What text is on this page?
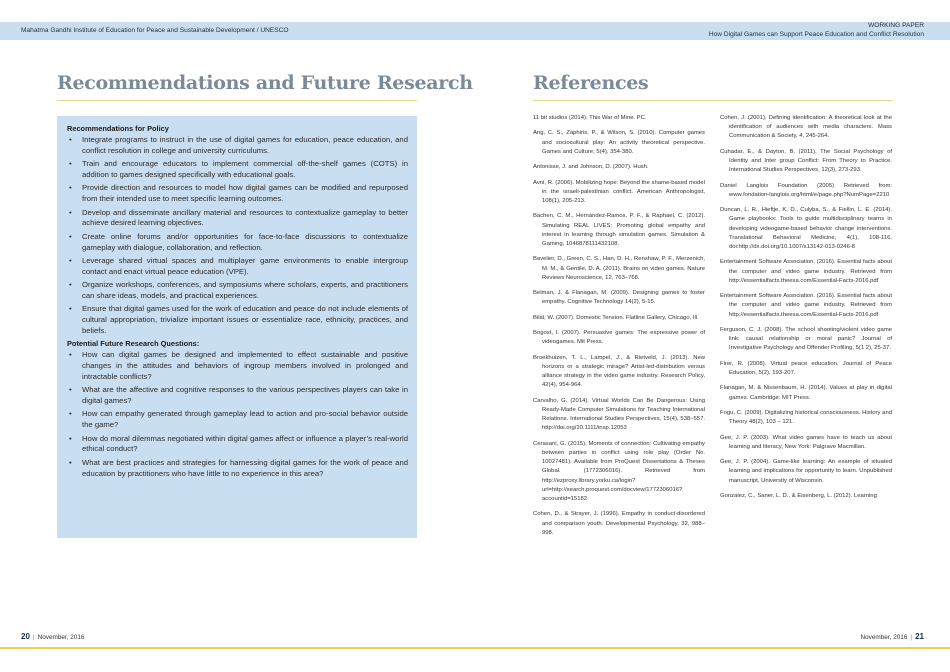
Mahatma Gandhi Institute of Education for Peace and Sustainable Development / UNESCO
WORKING PAPER
How Digital Games can Support Peace Education and Conflict Resolution
Recommendations and Future Research
Recommendations for Policy
• Integrate programs to instruct in the use of digital games for education, peace education, and conflict resolution in college and university curriculums.
• Train and encourage educators to implement commercial off-the-shelf games (COTS) in addition to games designed specifically with educational goals.
• Provide direction and resources to model how digital games can be modified and repurposed from their intended use to meet specific learning outcomes.
• Develop and disseminate ancillary material and resources to contextualize gameplay to better achieve desired learning objectives.
• Create online forums and/or opportunities for face-to-face discussions to contextualize gameplay with dialogue, collaboration, and reflection.
• Leverage shared virtual spaces and multiplayer game environments to enable intergroup contact and enact virtual peace education (VPE).
• Organize workshops, conferences, and symposiums where scholars, experts, and practitioners can share ideas, models, and practical experiences.
• Ensure that digital games used for the work of education and peace do not include elements of cultural appropriation, trivialize important issues or essentialize race, ethnicity, practices, and beliefs.
Potential Future Research Questions:
• How can digital games be designed and implemented to effect sustainable and positive changes in the attitudes and behaviors of ingroup members involved in prolonged and intractable conflicts?
• What are the affective and cognitive responses to the various perspectives players can take in digital games?
• How can empathy generated through gameplay lead to action and pro-social behavior outside the game?
• How do moral dilemmas negotiated within digital games affect or influence a player’s real-world ethical conduct?
• What are best practices and strategies for harnessing digital games for the work of peace and education by practitioners who have little to no experience in this area?
References
11 bit studios (2014). This War of Mine. PC.
Ang, C. S., Zaphiris, P., & Wilson, S. (2010). Computer games and sociocultural play: An activity theoretical perspective. Games and Culture, 5(4), 354-380.
Antonisse, J. and Johnson, D. (2007). Hush.
Avni, R. (2006). Mobilizing hope: Beyond the shame-based model in the israeli-palestinian conflict. American Anthropologist, 108(1), 205-213.
Bachen, C. M., Hernández-Ramos, P. F., & Raphael, C. (2012). Simulating REAL LIVES: Promoting global empathy and interest in learning through simulation games. Simulation & Gaming, 1046878111432108.
Bavelier, D., Green, C. S., Han, D. H., Renshaw, P. F., Merzenich, M. M., & Gentile, D. A. (2011). Brains on video games. Nature Reviews Neuroscience, 12, 763–768.
Belman, J. & Flanagan, M. (2009). Designing games to foster empathy. Cognitive Technology 14(2), 5-15.
Bilal, W. (2007). Domestic Tension. Flatline Gallery, Chicago, Ill.
Bogost, I. (2007). Persuasive games: The expressive power of videogames. Mit Press.
Broekhuizen, T. L., Lampel, J., & Rietveld, J. (2013). New horizons or a strategic mirage? Artist-led-distribution versus alliance strategy in the video game industry. Research Policy, 42(4), 954-964.
Carvalho, G. (2014). Virtual Worlds Can Be Dangerous: Using Ready-Made Computer Simulations for Teaching International Relations. International Studies Perspectives, 15(4), 538–557. http://doi.org/10.1111/insp.12053
Cerasani, G. (2015). Moments of connection: Cultivating empathy between parties in conflict using role play (Order No. 10027481). Available from ProQuest Dissertations & Theses Global. (1772306016). Retrieved from http://ezproxy.library.yorku.ca/login?url=http://search.proquest.com/docview/1772306016?accountid=15182
Cohen, D., & Strayer, J. (1996). Empathy in conduct-disordered and comparison youth. Developmental Psychology, 32, 988–998.
Cohen, J. (2001). Defining identification: A theoretical look at the identification of audiences with media characters. Mass Communication & Society, 4, 245-264.
Cuhadar, E., & Dayton, B. (2011). The Social Psychology of Identity and Inter group Conflict: From Theory to Practice. International Studies Perspectives, 12(3), 273-293.
Daniel Langlois Foundation (2005) Retrieved from: www.fondation-langlois.org/html/e/page.php?NumPage=2210
Duncan, L. R., Hieftje, K. D., Culyba, S., & Fiellin, L. E. (2014). Game playbooks: Tools to guide multidisciplinary teams in developing videogame-based behavior change interventions. Translational Behavioral Medicine, 4(1), 108-116. doi:http://dx.doi.org/10.1007/s13142-013-0246-8
Entertainment Software Association. (2016). Essential facts about the computer and video game industry. Retrieved from http://essentialfacts.theesa.com/Essential-Facts-2016.pdf
Entertainment Software Association. (2016). Essential facts about the computer and video game industry. Retrieved from http://essentialfacts.theesa.com/Essential-Facts-2016.pdf
Ferguson, C. J. (2008). The school shooting/violent video game link: causal relationship or moral panic? Journal of Investigative Psychology and Offender Profiling, 5(1 2), 25-37.
Firer, R. (2008). Virtual peace education. Journal of Peace Education, 5(2), 193-207.
Flanagan, M. & Nissenbaum, H. (2014). Values at play in digital games. Cambridge: MIT Press.
Fogu, C. (2009). Digitalizing historical consciousness. History and Theory 48(2), 103 – 121.
Gee, J. P. (2003). What video games have to teach us about learning and literacy, New York: Palgrave Macmillan.
Gee, J. P. (2004). Game-like learning: An example of situated learning and implications for opportunity to learn. Unpublished manuscript, University of Wisconsin.
Gonzalez, C., Saner, L. D., & Eisenberg, L. (2012). Learning
20 | November, 2016	November, 2016 | 21
